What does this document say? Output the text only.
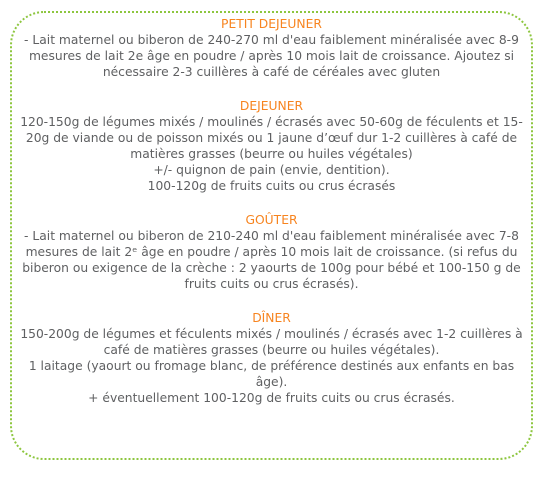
PETIT DEJEUNER
- Lait maternel ou biberon de 240-270 ml d'eau faiblement minéralisée avec 8-9 mesures de lait 2e âge en poudre / après 10 mois lait de croissance. Ajoutez si nécessaire 2-3 cuillères à café de céréales avec gluten
DEJEUNER
120-150g de légumes mixés / moulinés / écrasés avec 50-60g de féculents et 15-20g de viande ou de poisson mixés ou 1 jaune d’œuf dur 1-2 cuillères à café de matières grasses (beurre ou huiles végétales)
+/- quignon de pain (envie, dentition).
100-120g de fruits cuits ou crus écrasés
GOÛTER
- Lait maternel ou biberon de 210-240 ml d'eau faiblement minéralisée avec 7-8 mesures de lait 2ᵉ âge en poudre / après 10 mois lait de croissance. (si refus du biberon ou exigence de la crèche : 2 yaourts de 100g pour bébé et 100-150 g de fruits cuits ou crus écrasés).
DÎNER
150-200g de légumes et féculents mixés / moulinés / écrasés avec 1-2 cuillères à café de matières grasses (beurre ou huiles végétales).
1 laitage (yaourt ou fromage blanc, de préférence destinés aux enfants en bas âge).
+ éventuellement 100-120g de fruits cuits ou crus écrasés.
